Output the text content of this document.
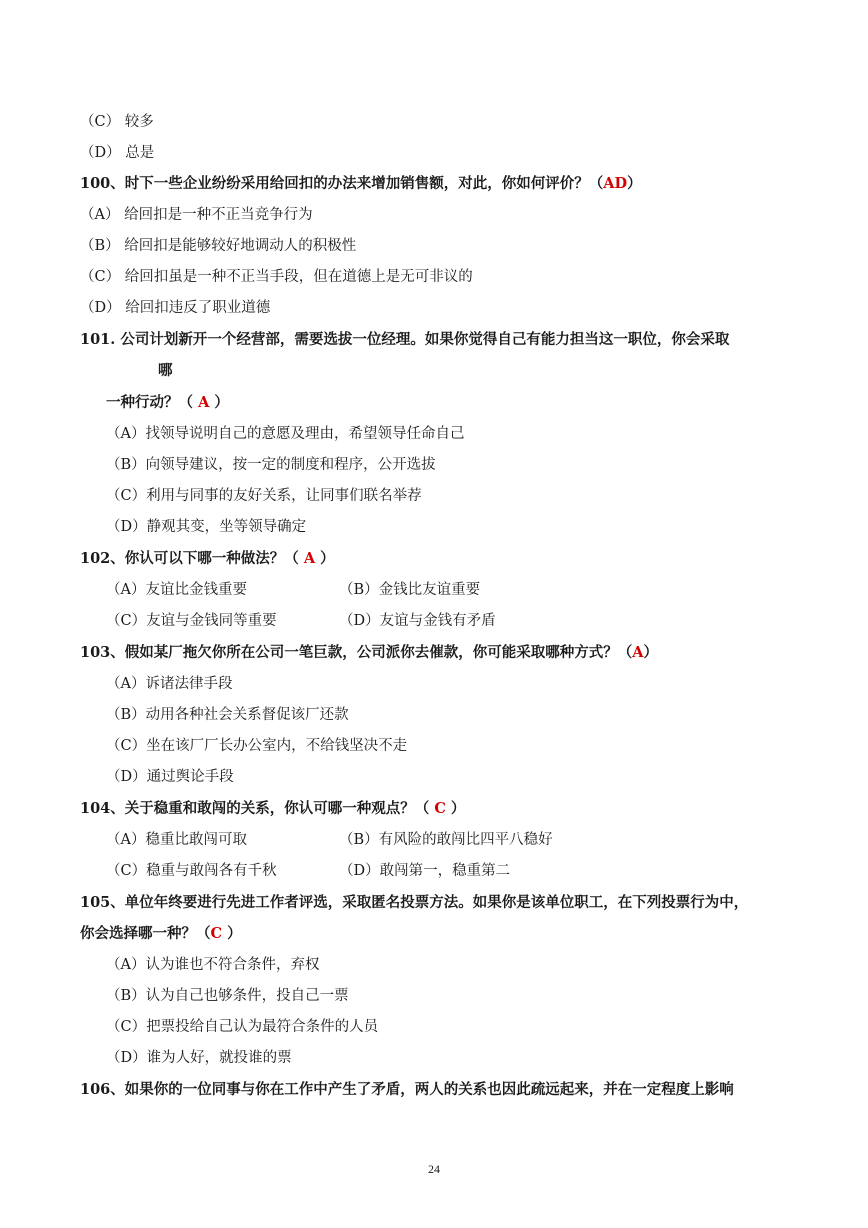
（C） 较多
（D） 总是
100、时下一些企业纷纷采用给回扣的办法来增加销售额，对此，你如何评价？（AD）
（A） 给回扣是一种不正当竞争行为
（B） 给回扣是能够较好地调动人的积极性
（C） 给回扣虽是一种不正当手段，但在道德上是无可非议的
（D） 给回扣违反了职业道德
101. 公司计划新开一个经营部，需要选拔一位经理。如果你觉得自己有能力担当这一职位，你会采取
哪
一种行动？（ A ）
（A）找领导说明自己的意愿及理由，希望领导任命自己
（B）向领导建议，按一定的制度和程序，公开选拔
（C）利用与同事的友好关系，让同事们联名举荐
（D）静观其变，坐等领导确定
102、你认可以下哪一种做法？（ A ）
（A）友谊比金钱重要	（B）金钱比友谊重要
（C）友谊与金钱同等重要	（D）友谊与金钱有矛盾
103、假如某厂拖欠你所在公司一笔巨款，公司派你去催款，你可能采取哪种方式？（A）
（A）诉诸法律手段
（B）动用各种社会关系督促该厂还款
（C）坐在该厂厂长办公室内，不给钱坚决不走
（D）通过舆论手段
104、关于稳重和敢闯的关系，你认可哪一种观点？（ C ）
（A）稳重比敢闯可取	（B）有风险的敢闯比四平八稳好
（C）稳重与敢闯各有千秋	（D）敢闯第一，稳重第二
105、单位年终要进行先进工作者评选，采取匿名投票方法。如果你是该单位职工，在下列投票行为中，
你会选择哪一种？（C ）
（A）认为谁也不符合条件，弃权
（B）认为自己也够条件，投自己一票
（C）把票投给自己认为最符合条件的人员
（D）谁为人好，就投谁的票
106、如果你的一位同事与你在工作中产生了矛盾，两人的关系也因此疏远起来，并在一定程度上影响
24
